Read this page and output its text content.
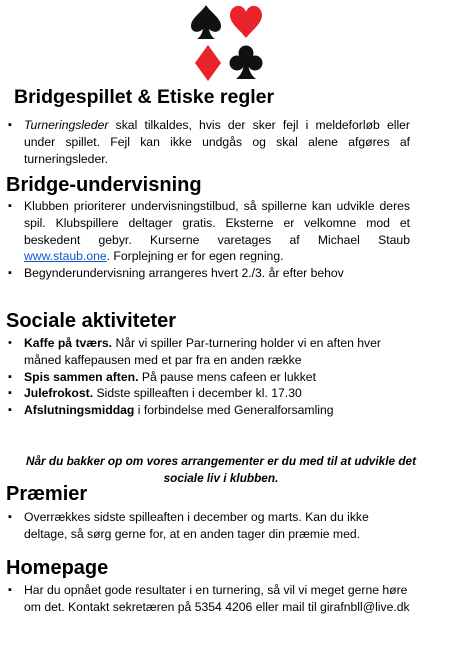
Bridgespillet & Etiske regler
▪ Turneringsleder skal tilkaldes, hvis der sker fejl i meldeforløb eller under spillet. Fejl kan ikke undgås og skal alene afgøres af turneringsleder.
Bridge-undervisning
▪ Klubben prioriterer undervisningstilbud, så spillerne kan udvikle deres spil. Klubspillere deltager gratis. Eksterne er velkomne mod et beskedent gebyr. Kurserne varetages af Michael Staub www.staub.one. Forplejning er for egen regning.
▪ Begynderundervisning arrangeres hvert 2./3. år efter behov
Sociale aktiviteter
• Kaffe på tværs. Når vi spiller Par-turnering holder vi en aften hver måned kaffepausen med et par fra en anden række
▪ Spis sammen aften. På pause mens cafeen er lukket
▪ Julefrokost. Sidste spilleaften i december kl. 17.30
▪ Afslutningsmiddag i forbindelse med Generalforsamling

Når du bakker op om vores arrangementer er du med til at udvikle det sociale liv i klubben.

Præmier
▪ Overrækkes sidste spilleaften i december og marts. Kan du ikke deltage, så sørg gerne for, at en anden tager din præmie med.
Homepage
▪ Har du opnået gode resultater i en turnering, så vil vi meget gerne høre om det. Kontakt sekretæren på 5354 4206 eller mail til girafnbll@live.dk
